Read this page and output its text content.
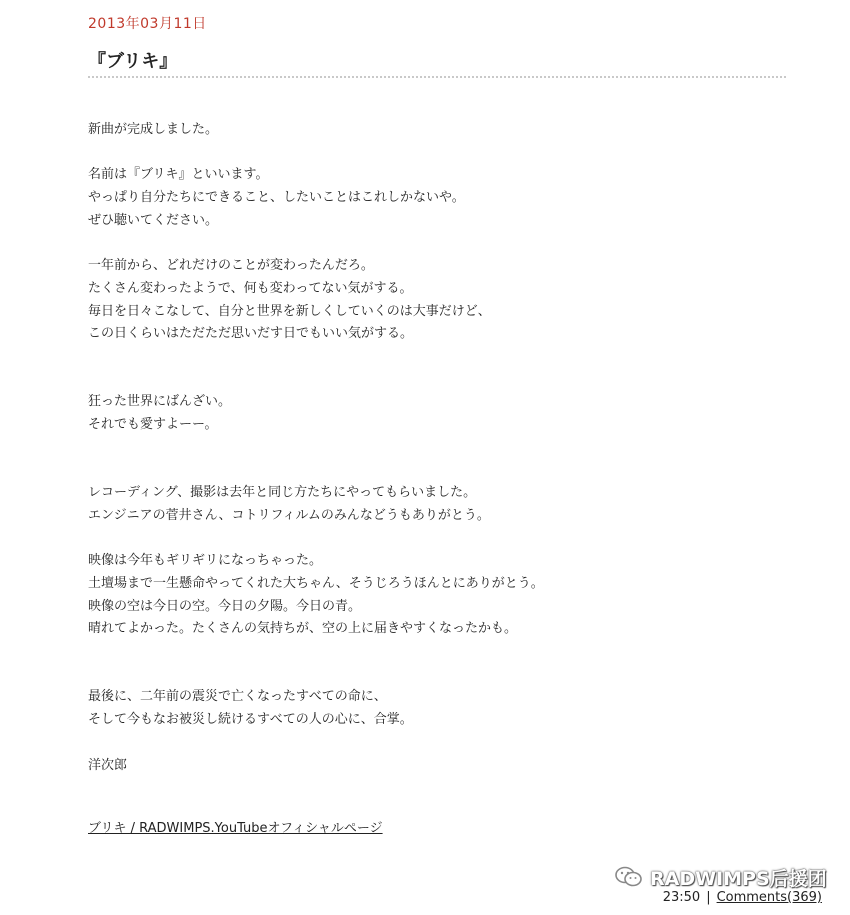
2013年03月11日
『ブリキ』
新曲が完成しました。
名前は『ブリキ』といいます。
やっぱり自分たちにできること、したいことはこれしかないや。
ぜひ聴いてください。
一年前から、どれだけのことが変わったんだろ。
たくさん変わったようで、何も変わってない気がする。
毎日を日々こなして、自分と世界を新しくしていくのは大事だけど、
この日くらいはただただ思いだす日でもいい気がする。
狂った世界にばんざい。
それでも愛すよーー。
レコーディング、撮影は去年と同じ方たちにやってもらいました。
エンジニアの菅井さん、コトリフィルムのみんなどうもありがとう。
映像は今年もギリギリになっちゃった。
土壇場まで一生懸命やってくれた大ちゃん、そうじろうほんとにありがとう。
映像の空は今日の空。今日の夕陽。今日の青。
晴れてよかった。たくさんの気持ちが、空の上に届きやすくなったかも。
最後に、二年前の震災で亡くなったすべての命に、
そして今もなお被災し続けるすべての人の心に、合掌。
洋次郎
ブリキ / RADWIMPS.YouTubeオフィシャルページ
RADWIMPS后援团
23:50 | Comments(369)
